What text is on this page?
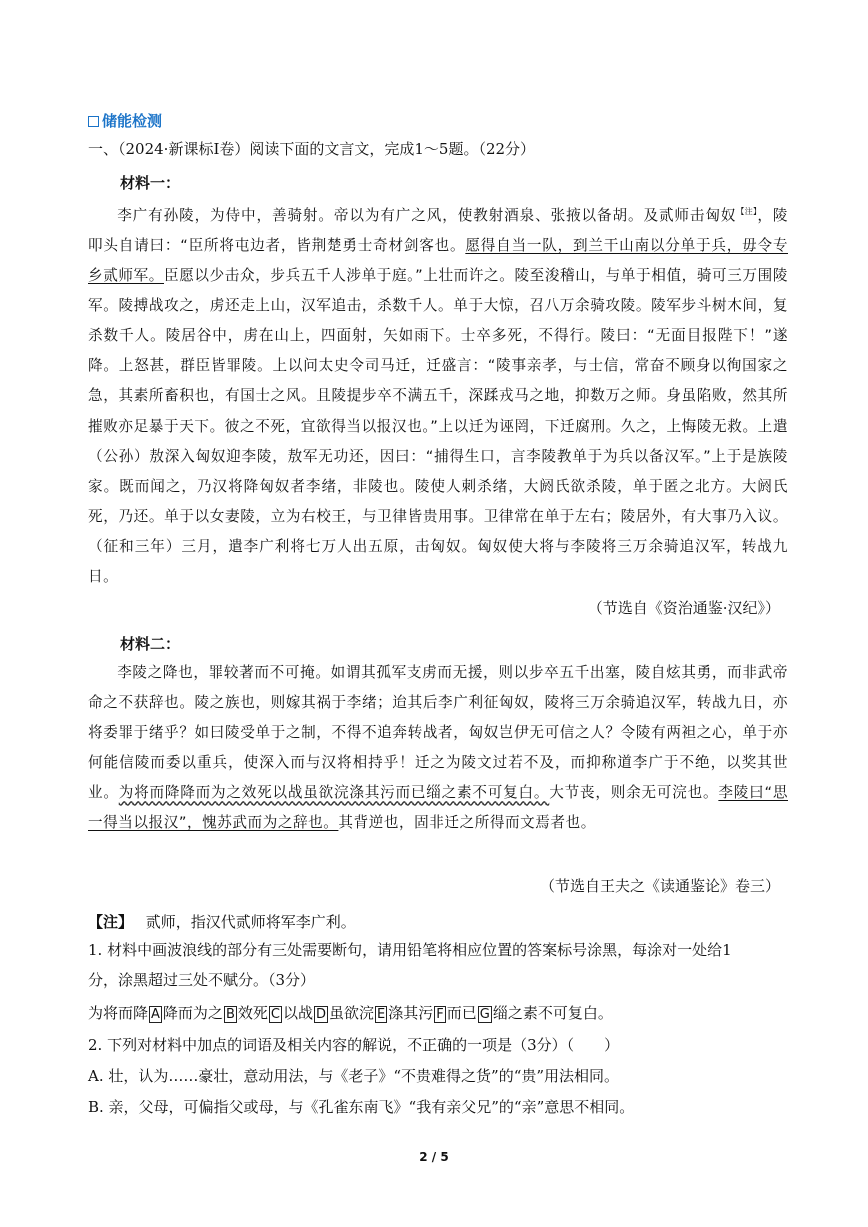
储能检测
一、（2024·新课标Ⅰ卷）阅读下面的文言文，完成1～5题。（22分）
材料一：
李广有孙陵，为侍中，善骑射。帝以为有广之风，使教射酒泉、张掖以备胡。及贰师击匈奴$^{【注】}$，陵叩头自请曰：“臣所将屯边者，皆荆楚勇士奇材剑客也。愿得自当一队，到兰干山南以分单于兵，毋令专乡贰师军。臣愿以少击众，步兵五千人涉单于庭。”上壮而许之。陵至浚稽山，与单于相值，骑可三万围陵军。陵搏战攻之，虏还走上山，汉军追击，杀数千人。单于大惊，召八万余骑攻陵。陵军步斗树木间，复杀数千人。陵居谷中，虏在山上，四面射，矢如雨下。士卒多死，不得行。陵曰：“无面目报陛下！”遂降。上怒甚，群臣皆罪陵。上以问太史令司马迁，迁盛言：“陵事亲孝，与士信，常奋不顾身以徇国家之急，其素所畜积也，有国士之风。且陵提步卒不满五千，深蹂戎马之地，抑数万之师。身虽陷败，然其所摧败亦足暴于天下。彼之不死，宜欲得当以报汉也。”上以迁为诬罔，下迁腐刑。久之，上悔陵无救。上遣（公孙）敖深入匈奴迎李陵，敖军无功还，因曰：“捕得生口，言李陵教单于为兵以备汉军。”上于是族陵家。既而闻之，乃汉将降匈奴者李绪，非陵也。陵使人刺杀绪，大阏氏欲杀陵，单于匿之北方。大阏氏死，乃还。单于以女妻陵，立为右校王，与卫律皆贵用事。卫律常在单于左右；陵居外，有大事乃入议。（征和三年）三月，遣李广利将七万人出五原，击匈奴。匈奴使大将与李陵将三万余骑追汉军，转战九日。
（节选自《资治通鉴·汉纪》）
材料二：
李陵之降也，罪较著而不可掩。如谓其孤军支虏而无援，则以步卒五千出塞，陵自炫其勇，而非武帝命之不获辞也。陵之族也，则嫁其祸于李绪；迨其后李广利征匈奴，陵将三万余骑追汉军，转战九日，亦将委罪于绪乎？如曰陵受单于之制，不得不追奔转战者，匈奴岂伊无可信之人？令陵有两袒之心，单于亦何能信陵而委以重兵，使深入而与汉将相持乎！迁之为陵文过若不及，而抑称道李广于不绝，以奖其世业。为将而降降而为之效死以战虽欲浣涤其污而已缁之素不可复白。大节丧，则余无可浣也。李陵曰“思一得当以报汉”，愧苏武而为之辞也。其背逆也，固非迁之所得而文焉者也。
（节选自王夫之《读通鉴论》卷三）
【注】 贰师，指汉代贰师将军李广利。
1. 材料中画波浪线的部分有三处需要断句，请用铅笔将相应位置的答案标号涂黑，每涂对一处给1
分，涂黑超过三处不赋分。（3分）
为将而降 A 降而为之 B 效死 C 以战 D 虽欲浣 E 涤其污 F 而已 G 缁之素不可复白。
2. 下列对材料中加点的词语及相关内容的解说，不正确的一项是（3分）（　　）
A. 壮，认为……豪壮，意动用法，与《老子》“不贵难得之货”的“贵”用法相同。
B. 亲，父母，可偏指父或母，与《孔雀东南飞》“我有亲父兄”的“亲”意思不相同。
2 / 5
